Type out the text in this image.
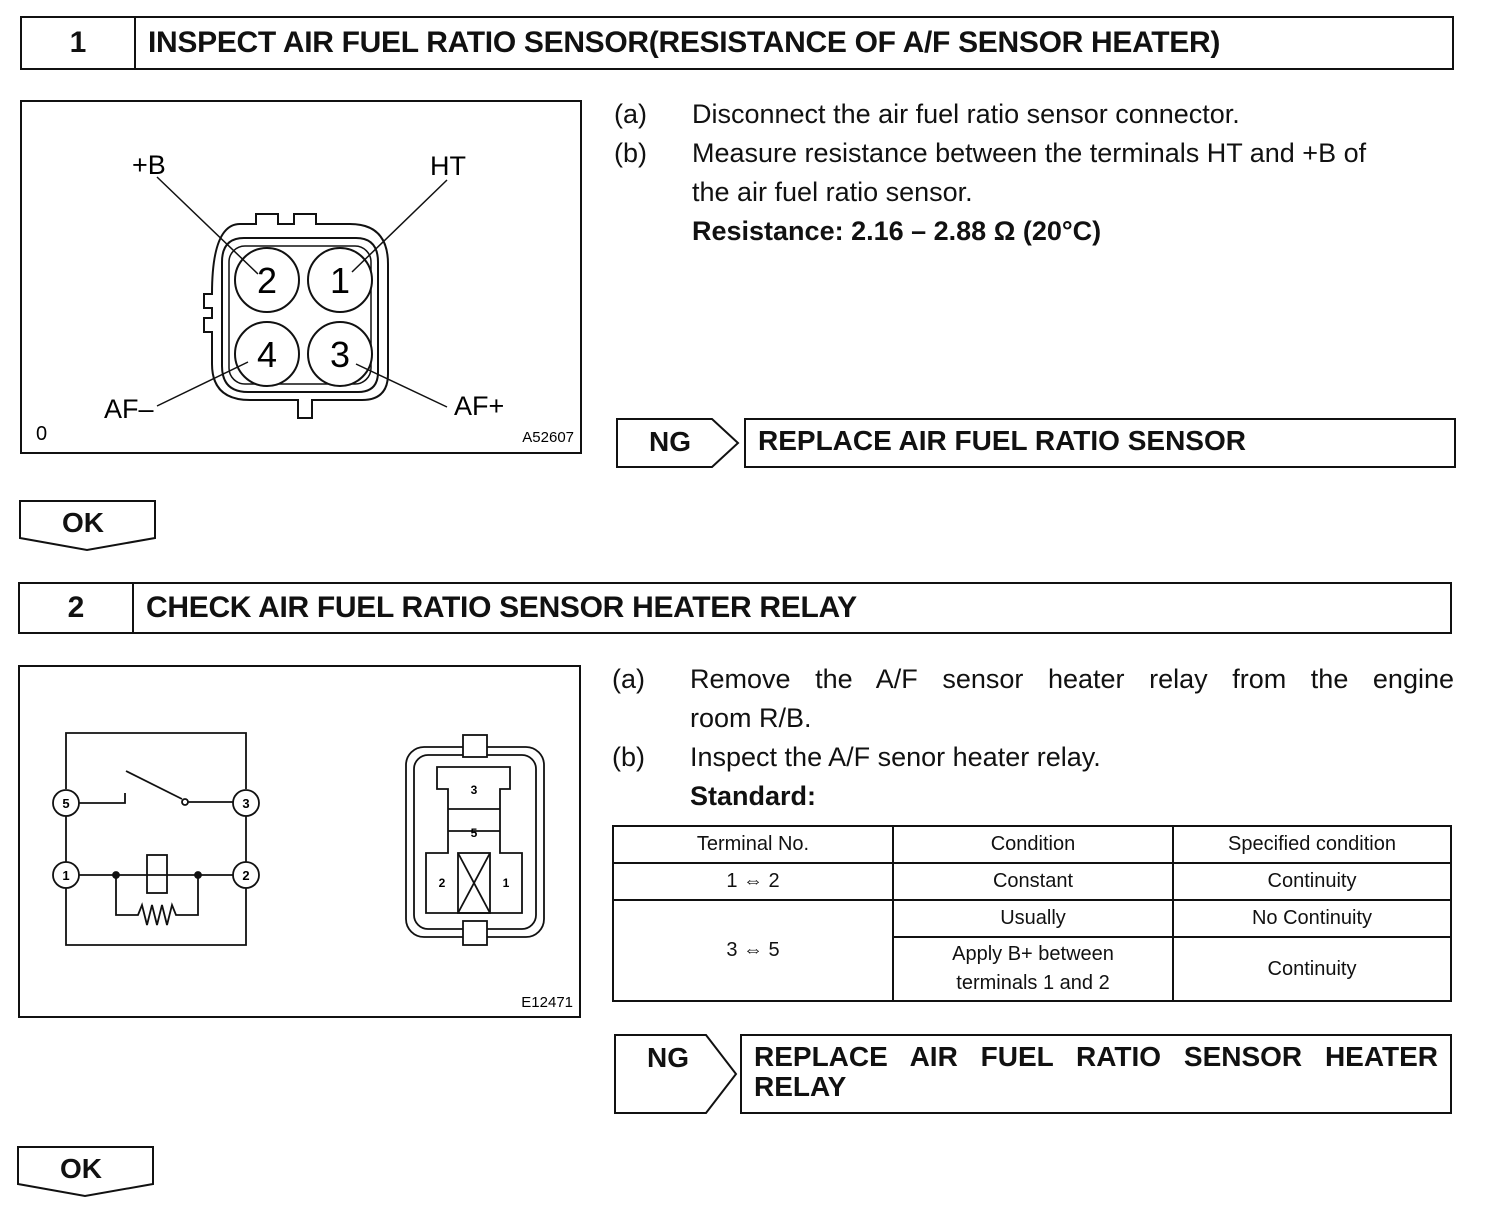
1	INSPECT AIR FUEL RATIO SENSOR(RESISTANCE OF A/F SENSOR HEATER)
2 1
4 3
+B	HT
AF–	AF+
0	A52607
(a)	Disconnect the air fuel ratio sensor connector.
(b)	Measure resistance between the terminals HT and +B of
the air fuel ratio sensor.
Resistance: 2.16 – 2.88 Ω (20°C)
NG	REPLACE AIR FUEL RATIO SENSOR
OK
2	CHECK AIR FUEL RATIO SENSOR HEATER RELAY
5	3
1	2
3
5
2	1
E12471
(a)	Remove the A/F sensor heater relay from the engine
room R/B.
(b)	Inspect the A/F senor heater relay.
Standard:
Terminal No.	Condition	Specified condition
1 ⇔ 2	Constant	Continuity
3 ⇔ 5	Usually	No Continuity

	Apply B+ between
terminals 1 and 2	Continuity
NG	REPLACE AIR FUEL RATIO SENSOR HEATER RELAY
OK
